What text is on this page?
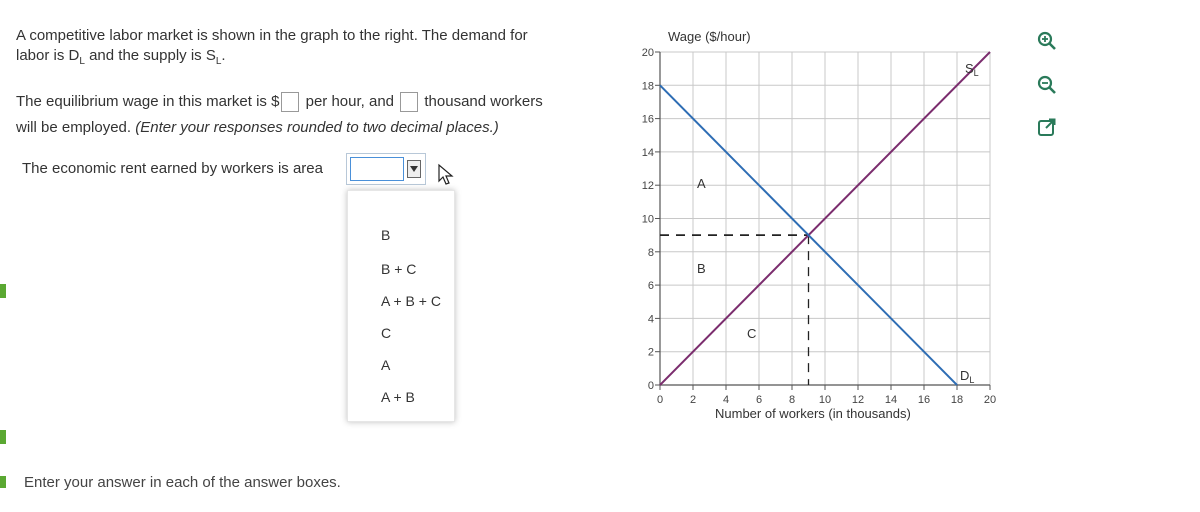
A competitive labor market is shown in the graph to the right. The demand for
labor is $D_L$ and the supply is $S_L$.
The equilibrium wage in this market is $ per hour, and  thousand workers
will be employed. (Enter your responses rounded to two decimal places.)
The economic rent earned by workers is area
B
B + C
A + B + C
C
A
A + B
Enter your answer in each of the answer boxes.
0
2
4
6
8
10
12
14
16
18
20
0 2 4 6 8 10 12 14 16 18 20
Wage ($/hour)
Number of workers (in thousands)
$S_L$
$D_L$
A
B
C
